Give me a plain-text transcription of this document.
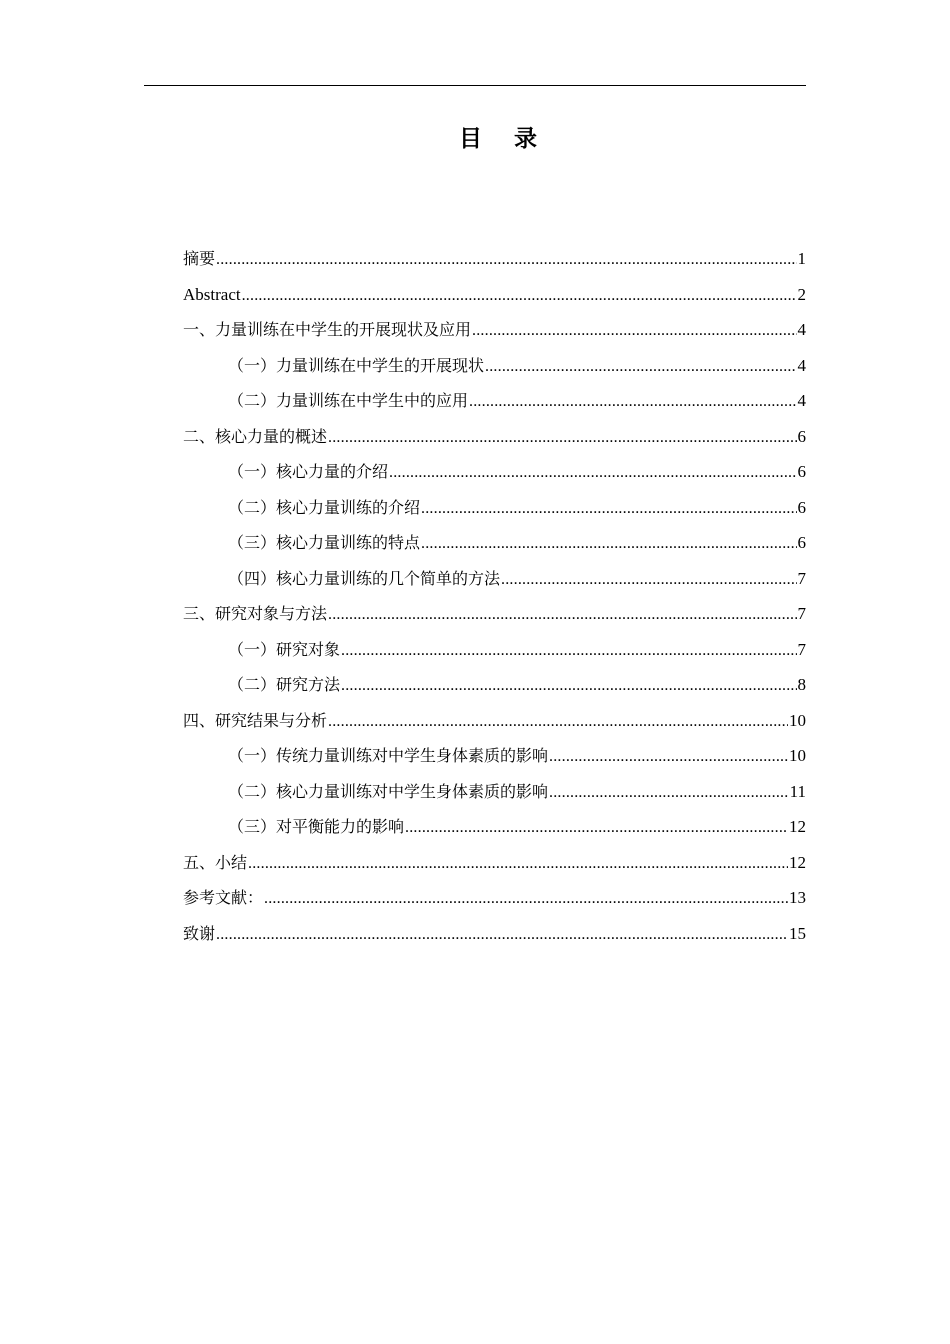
目 录
摘要 .....	1
Abstract .....	2
一、力量训练在中学生的开展现状及应用 .....	4
（一）力量训练在中学生的开展现状 .....	4
（二）力量训练在中学生中的应用 .....	4
二、核心力量的概述 .....	6
（一）核心力量的介绍 .....	6
（二）核心力量训练的介绍 .....	6
（三）核心力量训练的特点 .....	6
（四）核心力量训练的几个简单的方法 .....	7
三、研究对象与方法 .....	7
（一）研究对象 .....	7
（二）研究方法 .....	8
四、研究结果与分析 .....	10
（一）传统力量训练对中学生身体素质的影响 .....	10
（二）核心力量训练对中学生身体素质的影响 .....	11
（三）对平衡能力的影响 .....	12
五、小结 .....	12
参考文献： .....	13
致谢 .....	15
